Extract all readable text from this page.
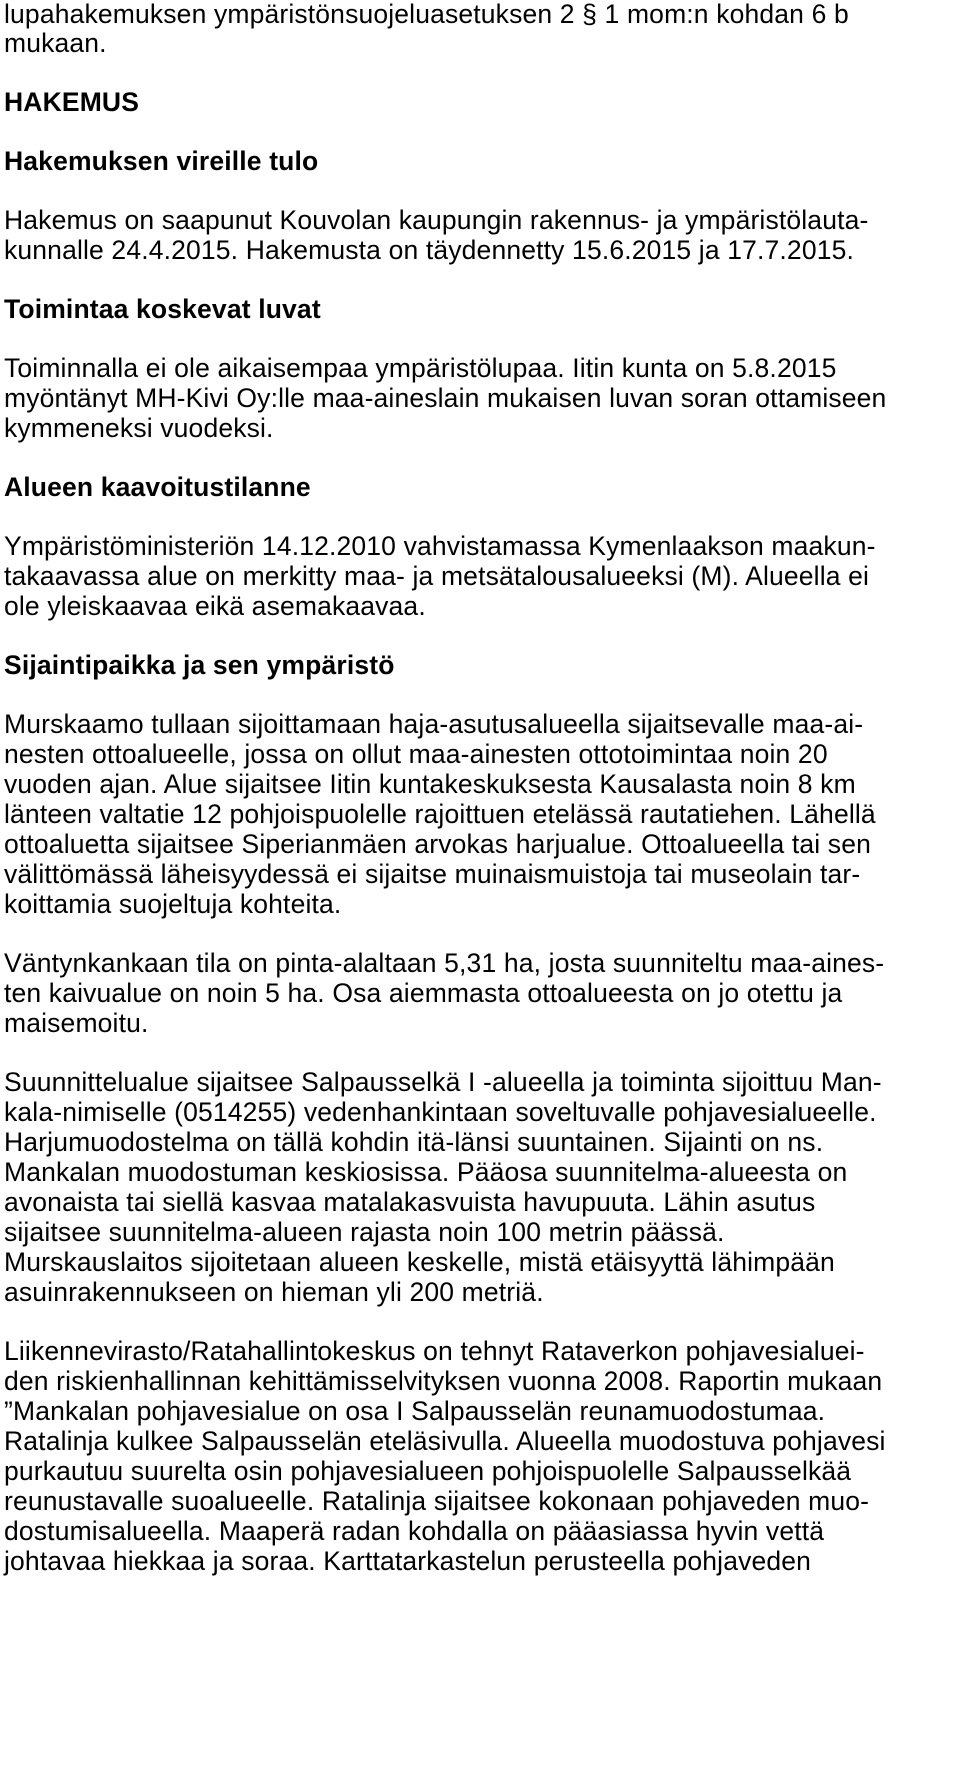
lupahakemuksen ympäristönsuojeluasetuksen 2 § 1 mom:n kohdan 6 b
mukaan.
HAKEMUS
Hakemuksen vireille tulo
Hakemus on saapunut Kouvolan kaupungin rakennus- ja ympäristölauta-
kunnalle 24.4.2015. Hakemusta on täydennetty 15.6.2015 ja 17.7.2015.
Toimintaa koskevat luvat
Toiminnalla ei ole aikaisempaa ympäristölupaa. Iitin kunta on 5.8.2015
myöntänyt MH-Kivi Oy:lle maa-aineslain mukaisen luvan soran ottamiseen
kymmeneksi vuodeksi.
Alueen kaavoitustilanne
Ympäristöministeriön 14.12.2010 vahvistamassa Kymenlaakson maakun-
takaavassa alue on merkitty maa- ja metsätalousalueeksi (M). Alueella ei
ole yleiskaavaa eikä asemakaavaa.
Sijaintipaikka ja sen ympäristö
Murskaamo tullaan sijoittamaan haja-asutusalueella sijaitsevalle maa-ai-
nesten ottoalueelle, jossa on ollut maa-ainesten ottotoimintaa noin 20
vuoden ajan. Alue sijaitsee Iitin kuntakeskuksesta Kausalasta noin 8 km
länteen valtatie 12 pohjoispuolelle rajoittuen etelässä rautatiehen. Lähellä
ottoaluetta sijaitsee Siperianmäen arvokas harjualue. Ottoalueella tai sen
välittömässä läheisyydessä ei sijaitse muinaismuistoja tai museolain tar-
koittamia suojeltuja kohteita.
Väntynkankaan tila on pinta-alaltaan 5,31 ha, josta suunniteltu maa-aines-
ten kaivualue on noin 5 ha. Osa aiemmasta ottoalueesta on jo otettu ja
maisemoitu.
Suunnittelualue sijaitsee Salpausselkä I -alueella ja toiminta sijoittuu Man-
kala-nimiselle (0514255) vedenhankintaan soveltuvalle pohjavesialueelle.
Harjumuodostelma on tällä kohdin itä-länsi suuntainen. Sijainti on ns.
Mankalan muodostuman keskiosissa. Pääosa suunnitelma-alueesta on
avonaista tai siellä kasvaa matalakasvuista havupuuta. Lähin asutus
sijaitsee suunnitelma-alueen rajasta noin 100 metrin päässä.
Murskauslaitos sijoitetaan alueen keskelle, mistä etäisyyttä lähimpään
asuinrakennukseen on hieman yli 200 metriä.
Liikennevirasto/Ratahallintokeskus on tehnyt Rataverkon pohjavesialuei-
den riskienhallinnan kehittämisselvityksen vuonna 2008. Raportin mukaan
”Mankalan pohjavesialue on osa I Salpausselän reunamuodostumaa.
Ratalinja kulkee Salpausselän eteläsivulla. Alueella muodostuva pohjavesi
purkautuu suurelta osin pohjavesialueen pohjoispuolelle Salpausselkää
reunustavalle suoalueelle. Ratalinja sijaitsee kokonaan pohjaveden muo-
dostumisalueella. Maaperä radan kohdalla on pääasiassa hyvin vettä
johtavaa hiekkaa ja soraa. Karttatarkastelun perusteella pohjaveden
